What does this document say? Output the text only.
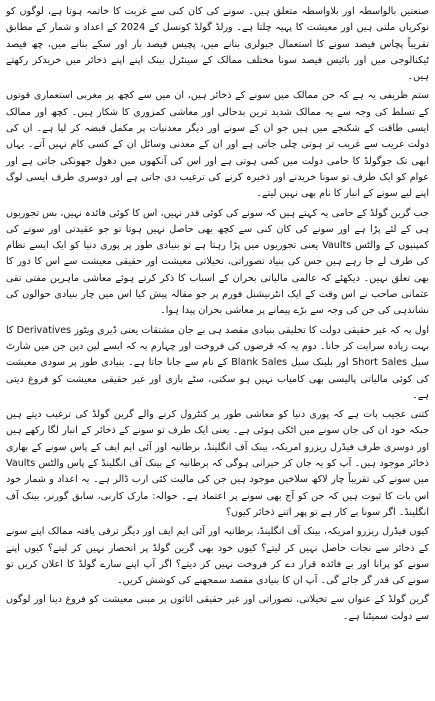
صنعتیں بالواسطہ اور بلاواسطہ متعلق ہیں۔ سونے کی کان کنی سے غربت کا خاتمہ ہوتا ہے، لوگوں کو نوکریاں ملتی ہیں اور معیشت کا پہیہ چلتا ہے۔ ورلڈ گولڈ کونسل کے 2024 کے اعداد و شمار کے مطابق تقریباً پچاس فیصد سونے کا استعمال جیولری بنانے میں، پچیس فیصد بار اور سکے بنانے میں، چھ فیصد ٹیکنالوجی میں اور بائیس فیصد سونا مختلف ممالک کے سینٹرل بینک اپنے اپنے ذخائر میں خریدکر رکھتے ہیں۔

ستم ظریفی یہ ہے کہ جن ممالک میں سونے کے ذخائر ہیں، ان میں سے کچھ پر مغربی استعماری قوتوں کے تسلط کی وجہ سے یہ ممالک شدید ترین بدحالی اور معاشی کمزوری کا شکار ہیں۔ کچھ اور ممالک ایسی طاقت کے شکنجے میں ہیں جو ان کے سونے اور دیگر معدنیات پر مکمل قبضہ کر لیا ہے۔ ان کی دولت غریب سے غریب تر ہوتی چلی جاتی ہے اور ان کے معدنی وسائل ان کے کسی کام نہیں آتے۔ یہاں ابھی تک جوگولڈ کا حامی دولت میں کمی ہوتی ہے اور اس کی آنکھوں میں دھول جھونکی جاتی ہے اور عوام کو ایک طرف تو سونا خریدنے اور ذخیرہ کرنے کی ترغیب دی جاتی ہے اور دوسری طرف ایسی لوگ اپنے لیے سونے کے انبار کا نام بھی نہیں لیتے۔

جب گرین گولڈ کے حامی یہ کہتے ہیں کہ سونے کی کوئی قدر نہیں، اس کا کوئی فائدہ نہیں، بس تجوریوں ہی کے لئے پڑا ہے اور سونے کی کان کنی سے کچھ بھی حاصل نہیں ہوتا تو جو عقیدتی اور سونے کی کمپنیوں کے والٹس Vaults یعنی تجوریوں میں پڑا رہتا ہے تو بنیادی طور پر پوری دنیا کو ایک ایسے نظام کی طرف لے جا رہے ہیں جس کی بنیاد تصوراتی، تخیلاتی معیشت اور حقیقی معیشت سے اس کا دور کا بھی تعلق نہیں۔ دیکھئے کہ عالمی مالیاتی بحران کے اسباب کا ذکر کرتے ہوئے معاشی ماہرین مفتی تقی عثمانی صاحب نے اس وقت کے ایک انٹرنیشنل فورم پر جو مقالہ پیش کیا اس میں چار بنیادی حوالوں کی نشاندہی کی جن کی وجہ سے بڑے پیمانے پر معاشی بحران پیدا ہوا۔

اول یہ کہ غیر حقیقی دولت کا تخلیقی بنیادی مقصد ہی بے جان مشتقات یعنی ڈیری ویٹوز Derivatives کا بہت زیادہ سرایت کر جانا۔ دوم یہ کہ قرضوں کی فروخت اور چہارم یہ کہ ایسے لین دین جن میں شارٹ سیل Short Sales اور بلینک سیل Blank Sales کے نام سے جانا جاتا ہے۔ بنیادی طور پر سودی معیشت کی کوئی مالیاتی پالیسی بھی کامیاب نہیں ہو سکتی، سٹے بازی اور غیر حقیقی معیشت کو فروغ دیتی ہے۔

کتنی عجیب بات ہے کہ پوری دنیا کو معاشی طور پر کنٹرول کرنے والے گرین گولڈ کی ترغیب دیتے ہیں جبکہ خود ان کی جان سونے میں اٹکی ہوئی ہے۔ یعنی ایک طرف تو سونے کے ذخائر کے انبار لگا رکھے ہیں اور دوسری طرف فیڈرل ریزرو امریکہ، بینک آف انگلینڈ، برطانیہ اور آئی ایم ایف کے پاس سونے کے بھاری ذخائر موجود ہیں۔ آپ کو یہ جان کر حیرانی ہوگی کہ برطانیہ کے بینک آف انگلینڈ کے پاس والٹس Vaults میں سونے کی تقریباً چار لاکھ سلاخیں موجود ہیں جن کی مالیت کئی ارب ڈالر ہے۔ یہ اعداد و شمار خود اس بات کا ثبوت ہیں کہ جن کو آج بھی سونے پر اعتماد ہے۔ حوالہ: مارک کارنی، سابق گورنر، بینک آف انگلینڈ۔ اگر سونا بے کار ہے تو پھر اتنے ذخائر کیوں؟

کیوں فیڈرل ریزرو امریکہ، بینک آف انگلینڈ، برطانیہ اور آئی ایم ایف اور دیگر ترقی یافتہ ممالک اپنے سونے کے ذخائر سے نجات حاصل نہیں کر لیتے؟ کیوں خود بھی گرین گولڈ پر انحصار نہیں کر لیتے؟ کیوں اپنے سونے کو پرانا اور بے فائدہ قرار دے کر فروخت نہیں کر دیتے؟ اگر آپ اپنے سارے گولڈ کا اعلان کریں تو سونے کی قدر گر جائے گی۔ آپ ان کا بنیادی مقصد سمجھنے کی کوشش کریں۔

گرین گولڈ کے عنوان سے تخیلاتی، تصوراتی اور غیر حقیقی اثاثوں پر مبنی معیشت کو فروغ دینا اور لوگوں سے دولت سمیٹنا ہے۔
